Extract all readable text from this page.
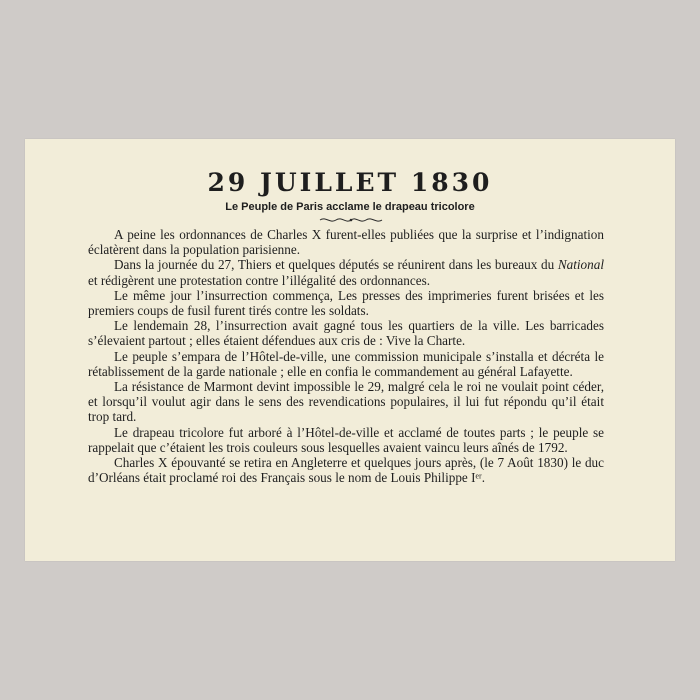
29 JUILLET 1830
Le Peuple de Paris acclame le drapeau tricolore

A peine les ordonnances de Charles X furent-elles publiées que la surprise et l’indignation éclatèrent dans la population parisienne.

Dans la journée du 27, Thiers et quelques députés se réunirent dans les bureaux du National et rédigèrent une protestation contre l’illégalité des ordonnances.

Le même jour l’insurrection commença, Les presses des imprimeries furent brisées et les premiers coups de fusil furent tirés contre les soldats.

Le lendemain 28, l’insurrection avait gagné tous les quartiers de la ville. Les barricades s’élevaient partout ; elles étaient défendues aux cris de : Vive la Charte.

Le peuple s’empara de l’Hôtel-de-ville, une commission municipale s’installa et décréta le rétablissement de la garde nationale ; elle en confia le commandement au général Lafayette.

La résistance de Marmont devint impossible le 29, malgré cela le roi ne voulait point céder, et lorsqu’il voulut agir dans le sens des revendications populaires, il lui fut répondu qu’il était trop tard.

Le drapeau tricolore fut arboré à l’Hôtel-de-ville et acclamé de toutes parts ; le peuple se rappelait que c’étaient les trois couleurs sous lesquelles avaient vaincu leurs aînés de 1792.

Charles X épouvanté se retira en Angleterre et quelques jours après, (le 7 Août 1830) le duc d’Orléans était proclamé roi des Français sous le nom de Louis Philippe Iᵉʳ.
